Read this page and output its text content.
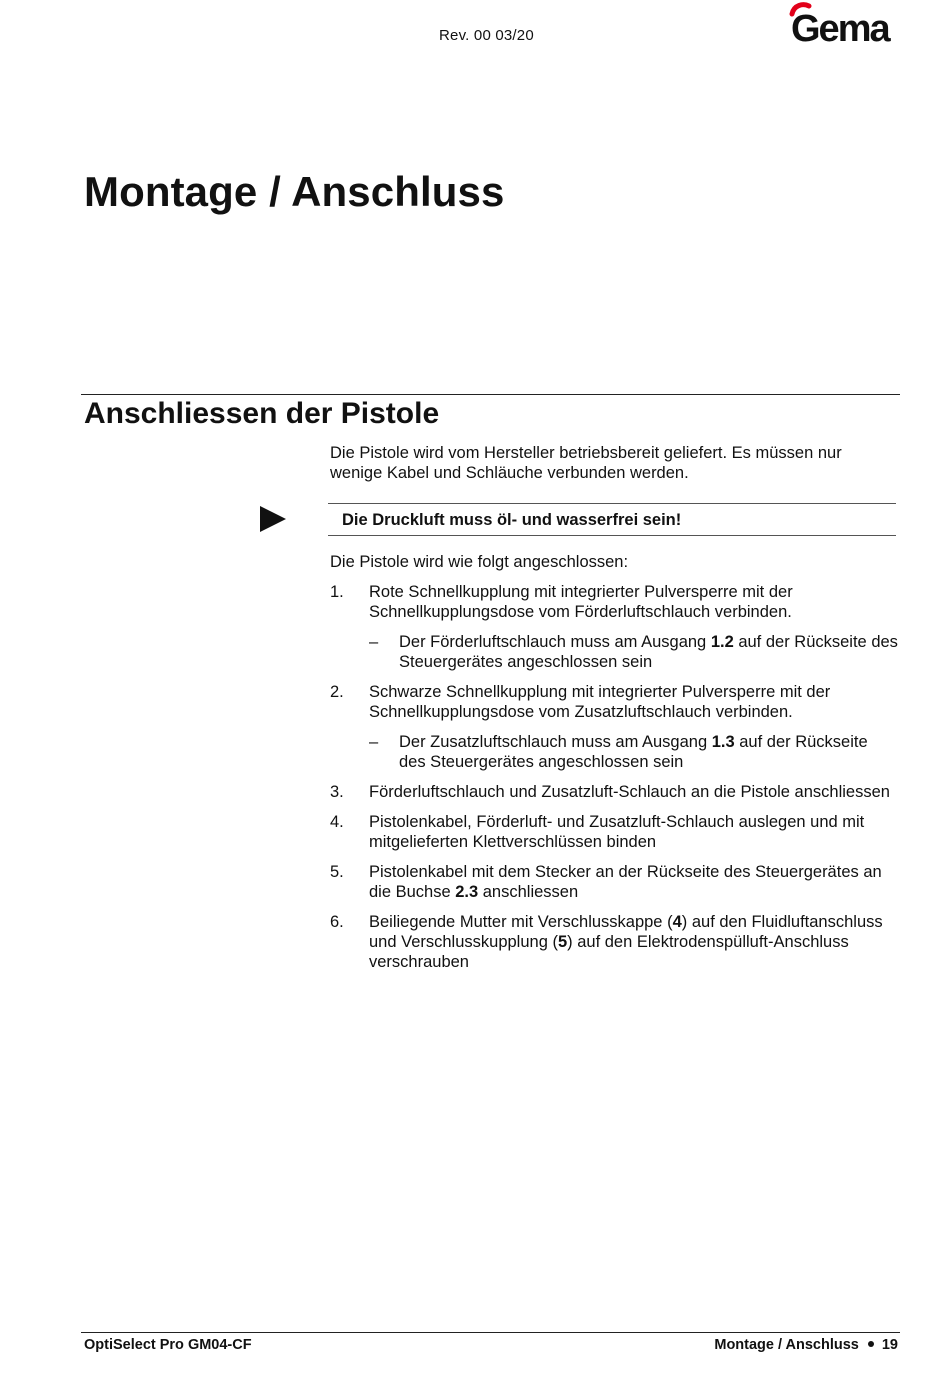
Rev. 00 03/20	Gema
Montage / Anschluss
Anschliessen der Pistole

Die Pistole wird vom Hersteller betriebsbereit geliefert. Es müssen nur wenige Kabel und Schläuche verbunden werden.

Die Druckluft muss öl- und wasserfrei sein!

Die Pistole wird wie folgt angeschlossen:

1. Rote Schnellkupplung mit integrierter Pulversperre mit der Schnellkupplungsdose vom Förderluftschlauch verbinden.
– Der Förderluftschlauch muss am Ausgang 1.2 auf der Rückseite des Steuergerätes angeschlossen sein
2. Schwarze Schnellkupplung mit integrierter Pulversperre mit der Schnellkupplungsdose vom Zusatzluftschlauch verbinden.
– Der Zusatzluftschlauch muss am Ausgang 1.3 auf der Rückseite des Steuergerätes angeschlossen sein
3. Förderluftschlauch und Zusatzluft-Schlauch an die Pistole anschliessen
4. Pistolenkabel, Förderluft- und Zusatzluft-Schlauch auslegen und mit mitgelieferten Klettverschlüssen binden
5. Pistolenkabel mit dem Stecker an der Rückseite des Steuergerätes an die Buchse 2.3 anschliessen
6. Beiliegende Mutter mit Verschlusskappe (4) auf den Fluidluftanschluss und Verschlusskupplung (5) auf den Elektrodenspülluft-Anschluss verschrauben
OptiSelect Pro GM04-CF	Montage / Anschluss 19
